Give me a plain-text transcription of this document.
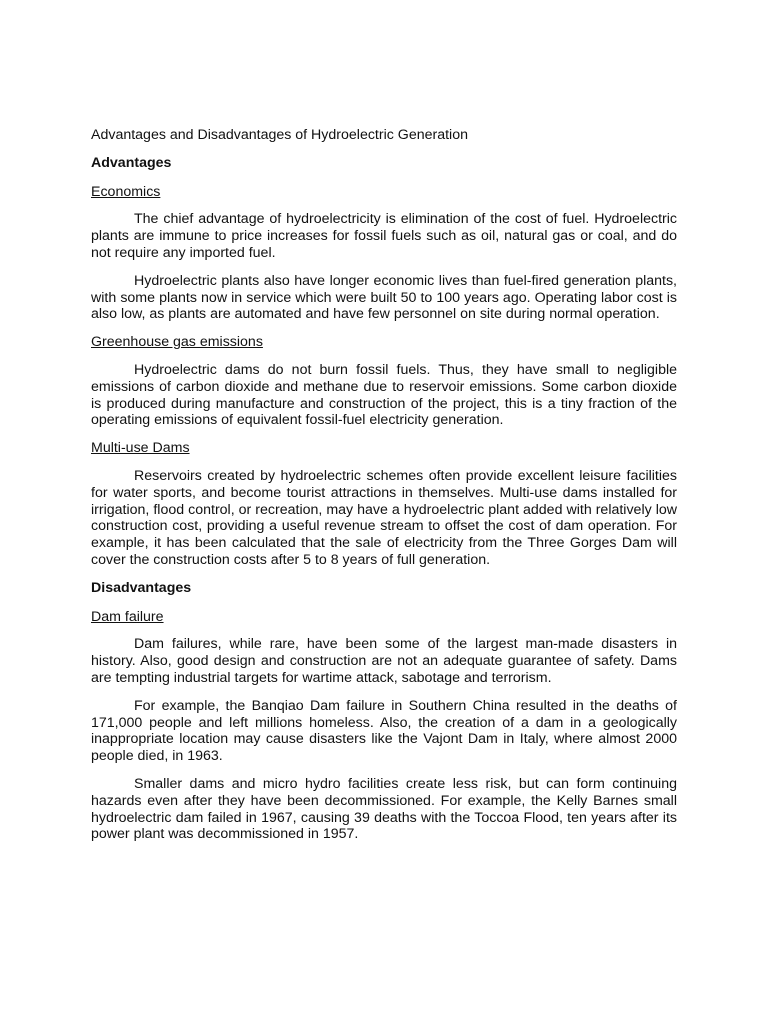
Advantages and Disadvantages of Hydroelectric Generation
Advantages
Economics

The chief advantage of hydroelectricity is elimination of the cost of fuel. Hydroelectric plants are immune to price increases for fossil fuels such as oil, natural gas or coal, and do not require any imported fuel.

Hydroelectric plants also have longer economic lives than fuel-fired generation plants, with some plants now in service which were built 50 to 100 years ago. Operating labor cost is also low, as plants are automated and have few personnel on site during normal operation.

Greenhouse gas emissions

Hydroelectric dams do not burn fossil fuels. Thus, they have small to negligible emissions of carbon dioxide and methane due to reservoir emissions. Some carbon dioxide is produced during manufacture and construction of the project, this is a tiny fraction of the operating emissions of equivalent fossil-fuel electricity generation.

Multi-use Dams

Reservoirs created by hydroelectric schemes often provide excellent leisure facilities for water sports, and become tourist attractions in themselves. Multi-use dams installed for irrigation, flood control, or recreation, may have a hydroelectric plant added with relatively low construction cost, providing a useful revenue stream to offset the cost of dam operation. For example, it has been calculated that the sale of electricity from the Three Gorges Dam will cover the construction costs after 5 to 8 years of full generation.

Disadvantages
Dam failure

Dam failures, while rare, have been some of the largest man-made disasters in history. Also, good design and construction are not an adequate guarantee of safety. Dams are tempting industrial targets for wartime attack, sabotage and terrorism.

For example, the Banqiao Dam failure in Southern China resulted in the deaths of 171,000 people and left millions homeless. Also, the creation of a dam in a geologically inappropriate location may cause disasters like the Vajont Dam in Italy, where almost 2000 people died, in 1963.

Smaller dams and micro hydro facilities create less risk, but can form continuing hazards even after they have been decommissioned. For example, the Kelly Barnes small hydroelectric dam failed in 1967, causing 39 deaths with the Toccoa Flood, ten years after its power plant was decommissioned in 1957.
